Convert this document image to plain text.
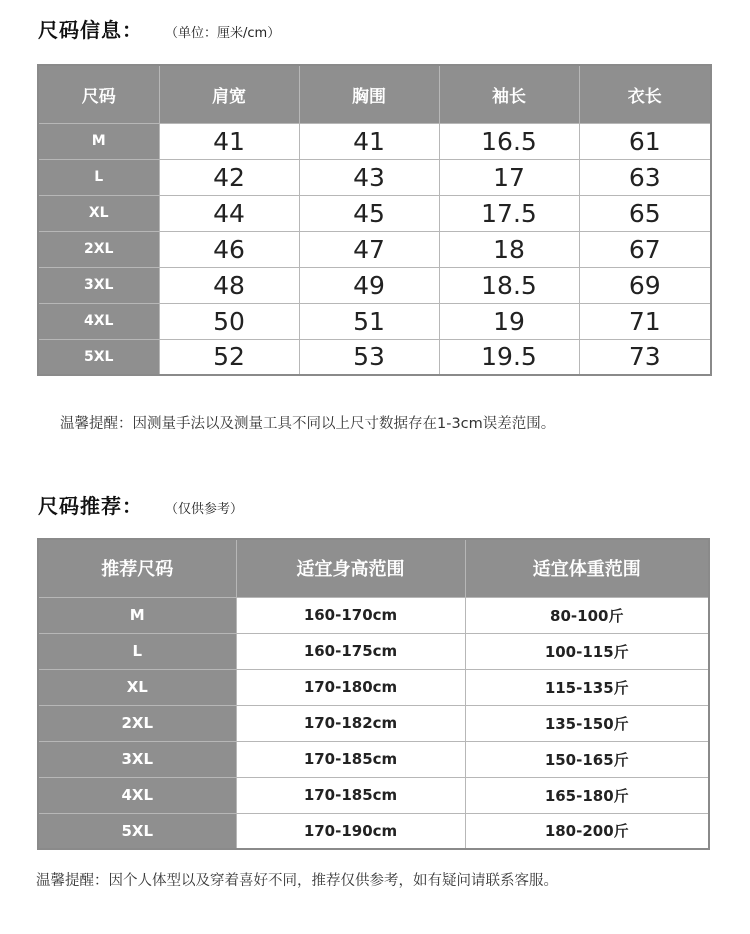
尺码信息： （单位：厘米/cm）
尺码	肩宽	胸围	袖长	衣长
M	41	41	16.5	61
L	42	43	17	63
XL	44	45	17.5	65
2XL	46	47	18	67
3XL	48	49	18.5	69
4XL	50	51	19	71
5XL	52	53	19.5	73
温馨提醒：因测量手法以及测量工具不同以上尺寸数据存在1-3cm误差范围。
尺码推荐： （仅供参考）
推荐尺码	适宜身高范围	适宜体重范围
M	160-170cm	80-100斤
L	160-175cm	100-115斤
XL	170-180cm	115-135斤
2XL	170-182cm	135-150斤
3XL	170-185cm	150-165斤
4XL	170-185cm	165-180斤
5XL	170-190cm	180-200斤
温馨提醒：因个人体型以及穿着喜好不同，推荐仅供参考，如有疑问请联系客服。
